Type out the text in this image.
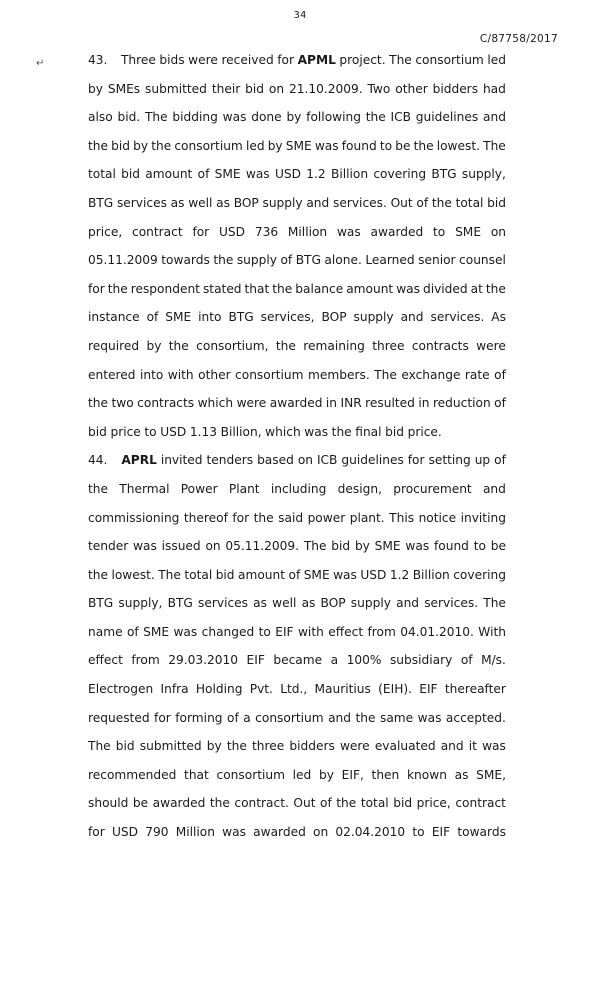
34
C/87758/2017
↵	43. Three bids were received for APML project. The consortium led
by SMEs submitted their bid on 21.10.2009. Two other bidders had
also bid. The bidding was done by following the ICB guidelines and
the bid by the consortium led by SME was found to be the lowest. The
total bid amount of SME was USD 1.2 Billion covering BTG supply,
BTG services as well as BOP supply and services. Out of the total bid
price, contract for USD 736 Million was awarded to SME on
05.11.2009 towards the supply of BTG alone. Learned senior counsel
for the respondent stated that the balance amount was divided at the
instance of SME into BTG services, BOP supply and services. As
required by the consortium, the remaining three contracts were
entered into with other consortium members. The exchange rate of
the two contracts which were awarded in INR resulted in reduction of
bid price to USD 1.13 Billion, which was the final bid price.
44. APRL invited tenders based on ICB guidelines for setting up of
the Thermal Power Plant including design, procurement and
commissioning thereof for the said power plant. This notice inviting
tender was issued on 05.11.2009. The bid by SME was found to be
the lowest. The total bid amount of SME was USD 1.2 Billion covering
BTG supply, BTG services as well as BOP supply and services. The
name of SME was changed to EIF with effect from 04.01.2010. With
effect from 29.03.2010 EIF became a 100% subsidiary of M/s.
Electrogen Infra Holding Pvt. Ltd., Mauritius (EIH). EIF thereafter
requested for forming of a consortium and the same was accepted.
The bid submitted by the three bidders were evaluated and it was
recommended that consortium led by EIF, then known as SME,
should be awarded the contract. Out of the total bid price, contract
for USD 790 Million was awarded on 02.04.2010 to EIF towards
